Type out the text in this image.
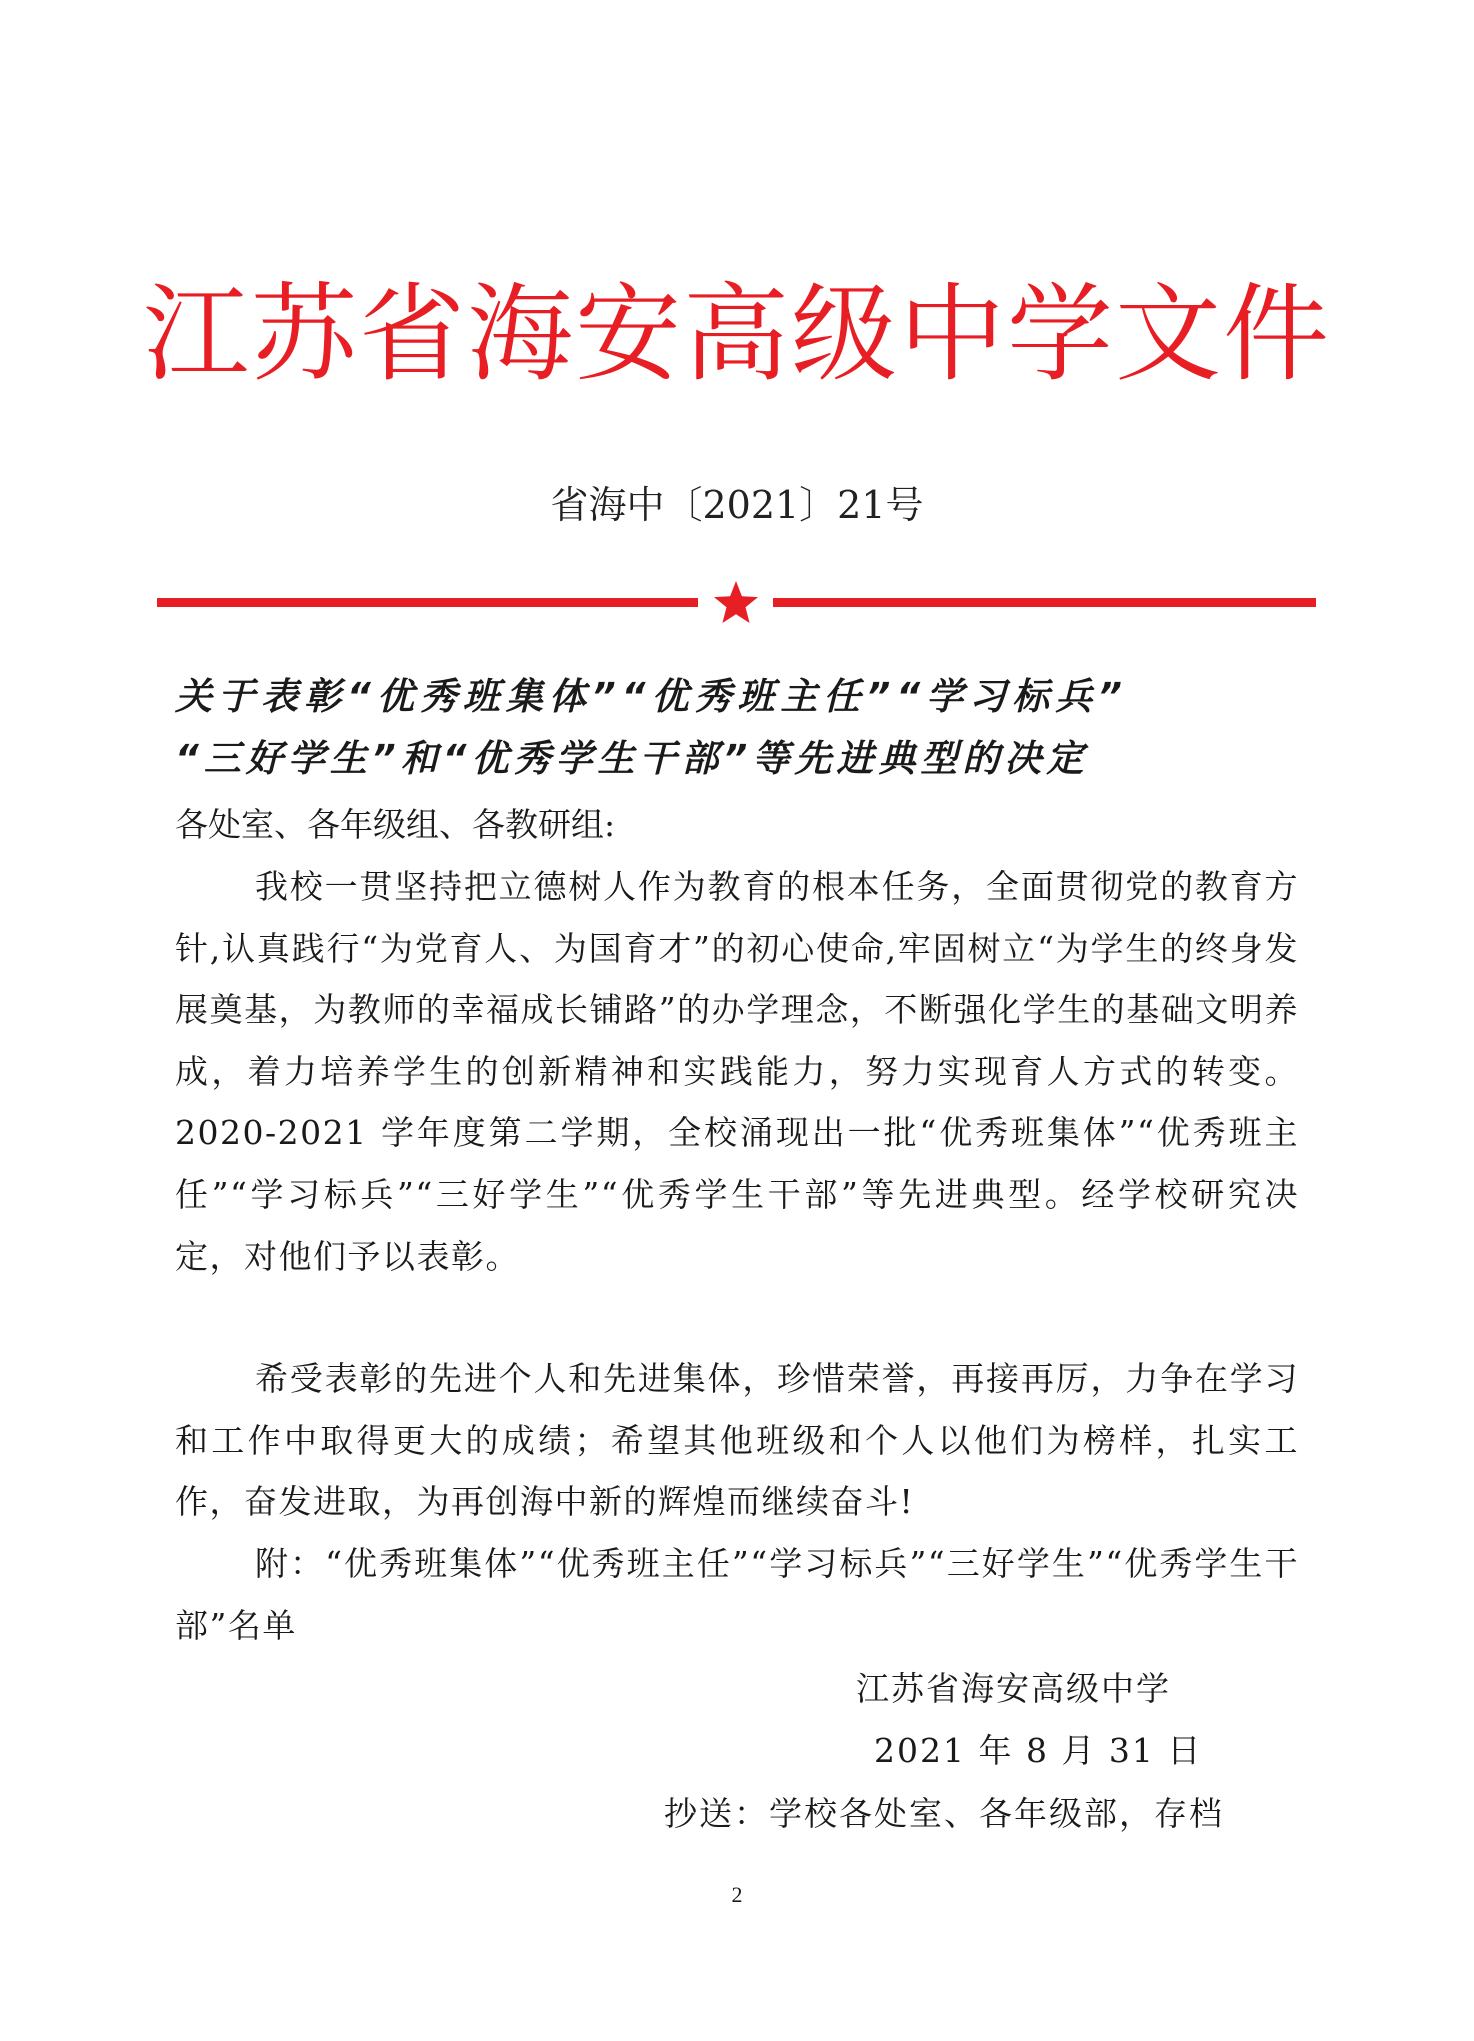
江苏省海安高级中学文件
省海中〔2021〕21号
关于表彰“优秀班集体”“优秀班主任”“学习标兵”
“三好学生”和“优秀学生干部”等先进典型的决定
各处室、各年级组、各教研组:
我校一贯坚持把立德树人作为教育的根本任务，全面贯彻党的教育方针,认真践行“为党育人、为国育才”的初心使命,牢固树立“为学生的终身发展奠基，为教师的幸福成长铺路”的办学理念，不断强化学生的基础文明养成，着力培养学生的创新精神和实践能力，努力实现育人方式的转变。2020-2021 学年度第二学期，全校涌现出一批“优秀班集体”“优秀班主任”“学习标兵”“三好学生”“优秀学生干部”等先进典型。经学校研究决定，对他们予以表彰。
希受表彰的先进个人和先进集体，珍惜荣誉，再接再厉，力争在学习和工作中取得更大的成绩；希望其他班级和个人以他们为榜样，扎实工作，奋发进取，为再创海中新的辉煌而继续奋斗!
附：“优秀班集体”“优秀班主任”“学习标兵”“三好学生”“优秀学生干部”名单
江苏省海安高级中学
2021 年 8 月 31 日
抄送：学校各处室、各年级部，存档
2
